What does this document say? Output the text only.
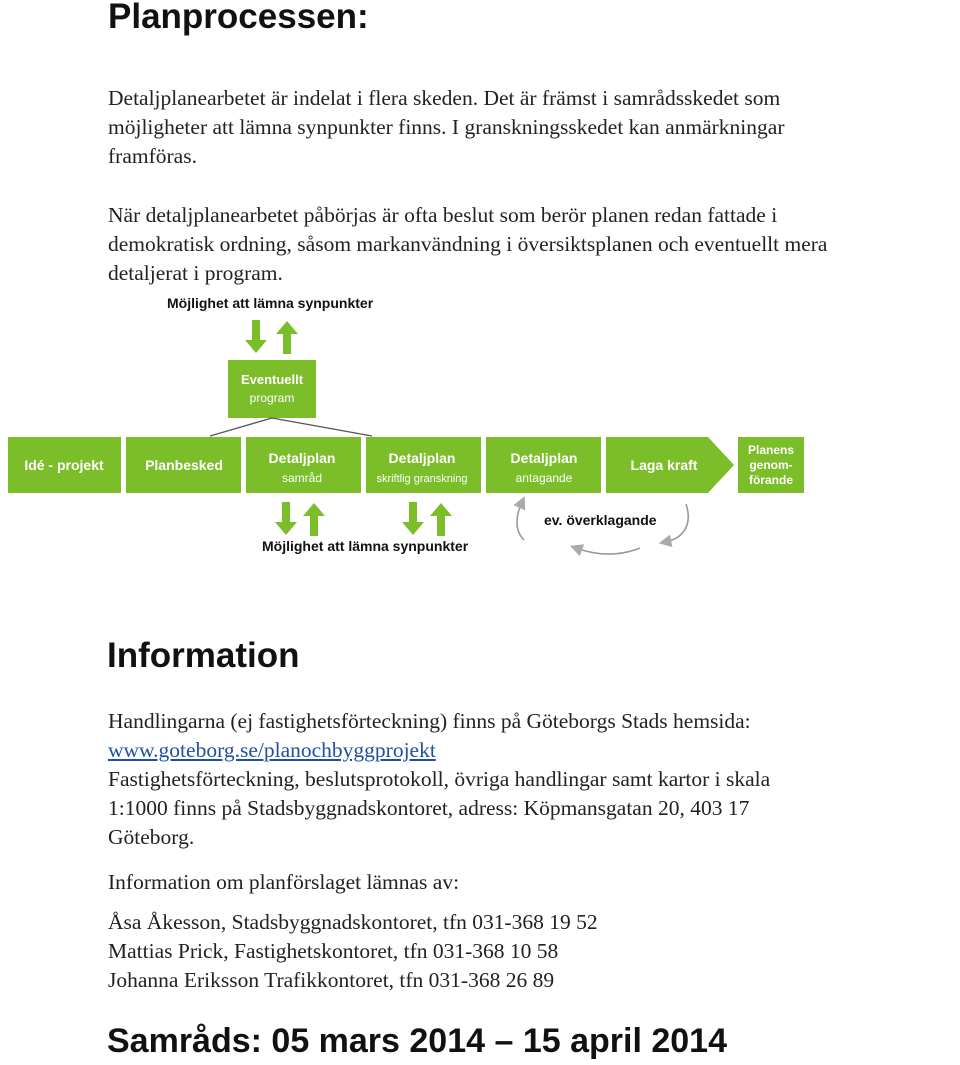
Planprocessen:

Detaljplanearbetet är indelat i flera skeden. Det är främst i samrådsskedet som
möjligheter att lämna synpunkter finns. I granskningsskedet kan anmärkningar
framföras.

När detaljplanearbetet påbörjas är ofta beslut som berör planen redan fattade i
demokratisk ordning, såsom markanvändning i översiktsplanen och eventuellt mera
detaljerat i program.

Möjlighet att lämna synpunkter
Eventuellt
program
Idé - projekt	Planbesked	Detaljplan
samråd
Detaljplan
skriftlig granskning
Detaljplan
antagande
Laga kraft
Planens
genom-
förande
Möjlighet att lämna synpunkter
ev. överklagande
Information
Handlingarna (ej fastighetsförteckning) finns på Göteborgs Stads hemsida:
www.goteborg.se/planochbyggprojekt
Fastighetsförteckning, beslutsprotokoll, övriga handlingar samt kartor i skala
1:1000 finns på Stadsbyggnadskontoret, adress: Köpmansgatan 20, 403 17
Göteborg.

Information om planförslaget lämnas av:

Åsa Åkesson, Stadsbyggnadskontoret, tfn 031-368 19 52
Mattias Prick, Fastighetskontoret, tfn 031-368 10 58
Johanna Eriksson Trafikkontoret, tfn 031-368 26 89

Samråds: 05 mars 2014 – 15 april 2014
